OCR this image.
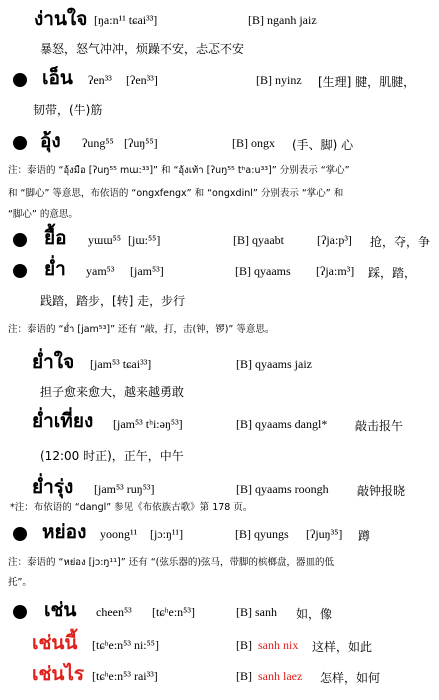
ง่านใจ [ŋa:n¹¹ tɕai³³]	[B] nganh jaiz
暴怒，怒气冲冲，烦躁不安，忐忑不安
เอ็น ʔen³³ [ʔen³³]	[B] nyinz [生理] 腱，肌腱，
韧带，(牛)筋
อุ้ง ʔung⁵⁵ [ʔuŋ⁵⁵]	[B] ongx (手、脚) 心
注：泰语的 “อุ้งมือ [ʔuŋ⁵⁵ mɯ:³³]” 和 “อุ้งเท้า [ʔuŋ⁵⁵ tʰa:u³³]” 分别表示 “掌心”
和 “脚心” 等意思，布依语的 “ongxfengx” 和 “ongxdinl” 分别表示 “掌心” 和
“脚心” 的意思。
ยื้อ yɯɯ⁵⁵ [jɯ:⁵⁵]	[B] qyaabt	[ʔja:p³] 抢，夺，争
ย่ำ yam⁵³ [jam⁵³]	[B] qyaams [ʔja:m³] 踩，踏，
践踏，踏步，[转] 走，步行
注：泰语的 “ย่ำ [jam⁵³]” 还有 “敲，打，击(钟，锣)” 等意思。
ย่ำใจ [jam⁵³ tɕai³³]	[B] qyaams jaiz
担子愈来愈大，越来越勇敢
ย่ำเที่ยง [jam⁵³ tʰi:əŋ⁵³]	[B] qyaams dangl* 敲击报午
(12:00 时正)，正午，中午
ย่ำรุ่ง [jam⁵³ ruŋ⁵³]	[B] qyaams roongh 敲钟报晓
*注：布依语的 “dangl” 参见《布依族古歌》第 178 页。
หย่อง yoong¹¹ [jɔ:ŋ¹¹]	[B] qyungs [ʔjuŋ³⁵] 蹲
注：泰语的 “หย่อง [jɔ:ŋ¹¹]” 还有 “(弦乐器的)弦马，带脚的槟榔盘，器皿的低
托”。
เช่น cheen⁵³ [tɕʰe:n⁵³]	[B] sanh 如，像
เช่นนี้ [tɕʰe:n⁵³ ni:⁵⁵]	[B] sanh nix 这样，如此
เช่นไร [tɕʰe:n⁵³ rai³³]	[B] sanh laez 怎样，如何
